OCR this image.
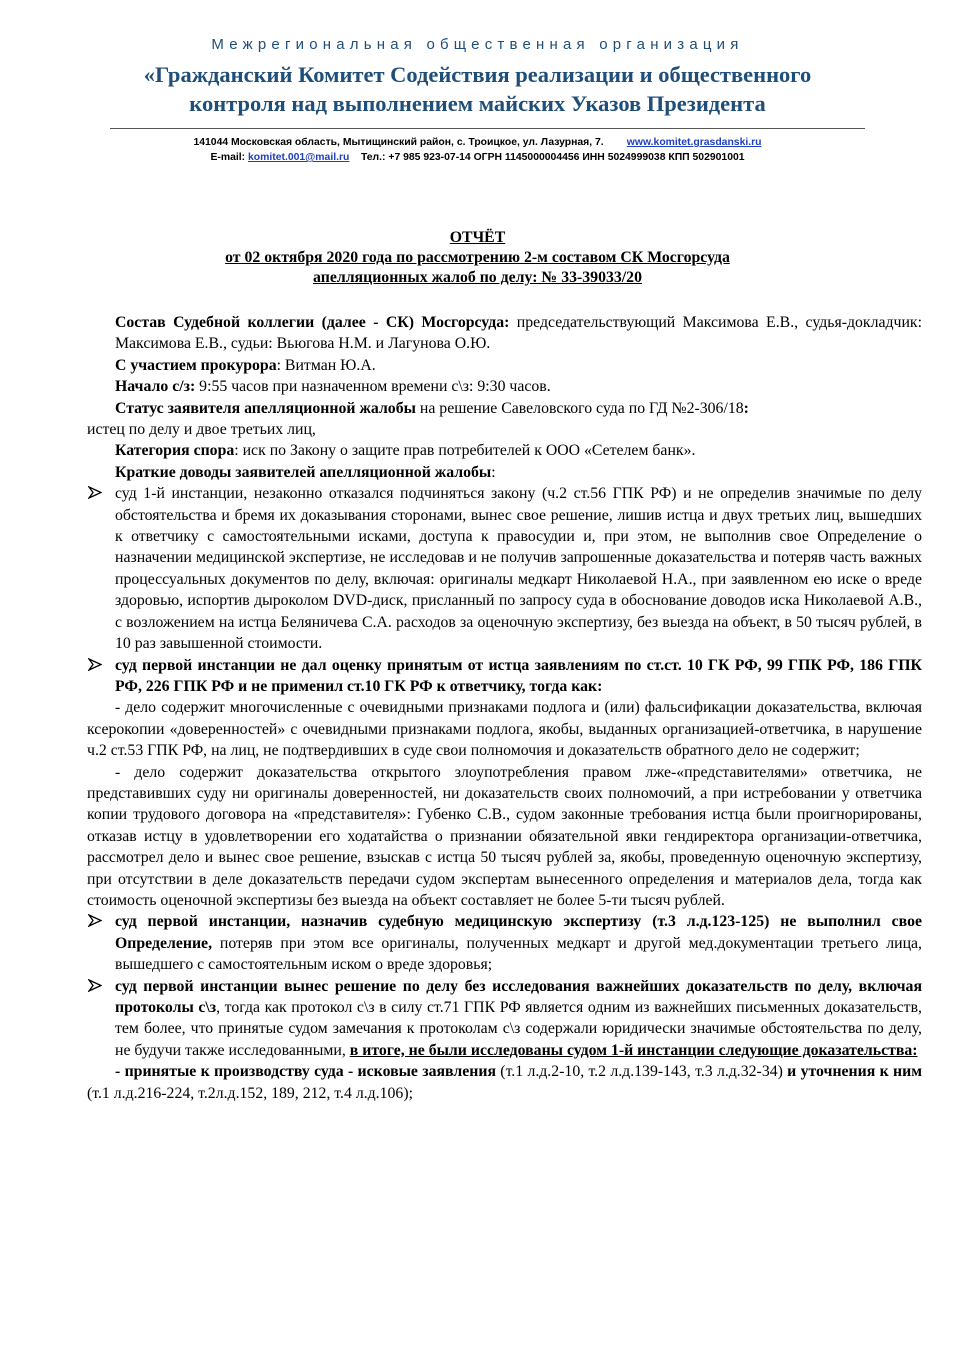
Межрегиональная общественная организация
«Гражданский Комитет Содействия реализации и общественного
контроля над выполнением майских Указов Президента
141044 Московская область, Мытищинский район, с. Троицкое, ул. Лазурная, 7. www.komitet.grasdanski.ru
E-mail: komitet.001@mail.ru Тел.: +7 985 923-07-14 ОГРН 1145000004456 ИНН 5024999038 КПП 502901001
ОТЧЁТ
от 02 октября 2020 года по рассмотрению 2-м составом СК Мосгорсуда
апелляционных жалоб по делу: № 33-39033/20

Состав Судебной коллегии (далее - СК) Мосгорсуда: председательствующий Максимова Е.В., судья-докладчик: Максимова Е.В., судьи: Вьюгова Н.М. и Лагунова О.Ю.

С участием прокурора: Витман Ю.А.

Начало с/з: 9:55 часов при назначенном времени с\з: 9:30 часов.

Статус заявителя апелляционной жалобы на решение Савеловского суда по ГД №2-306/18:

истец по делу и двое третьих лиц,

Категория спора: иск по Закону о защите прав потребителей к ООО «Сетелем банк».

Краткие доводы заявителей апелляционной жалобы:

суд 1-й инстанции, незаконно отказался подчиняться закону (ч.2 ст.56 ГПК РФ) и не определив значимые по делу обстоятельства и бремя их доказывания сторонами, вынес свое решение, лишив истца и двух третьих лиц, вышедших к ответчику с самостоятельными исками, доступа к правосудии и, при этом, не выполнив свое Определение о назначении медицинской экспертизе, не исследовав и не получив запрошенные доказательства и потеряв часть важных процессуальных документов по делу, включая: оригиналы медкарт Николаевой Н.А., при заявленном ею иске о вреде здоровью, испортив дыроколом DVD-диск, присланный по запросу суда в обоснование доводов иска Николаевой А.В., с возложением на истца Беляничева С.А. расходов за оценочную экспертизу, без выезда на объект, в 50 тысяч рублей, в 10 раз завышенной стоимости.

суд первой инстанции не дал оценку принятым от истца заявлениям по ст.ст. 10 ГК РФ, 99 ГПК РФ, 186 ГПК РФ, 226 ГПК РФ и не применил ст.10 ГК РФ к ответчику, тогда как:

- дело содержит многочисленные с очевидными признаками подлога и (или) фальсификации доказательства, включая ксерокопии «доверенностей» с очевидными признаками подлога, якобы, выданных организацией-ответчика, в нарушение ч.2 ст.53 ГПК РФ, на лиц, не подтвердивших в суде свои полномочия и доказательств обратного дело не содержит;

- дело содержит доказательства открытого злоупотребления правом лже-«представителями» ответчика, не представивших суду ни оригиналы доверенностей, ни доказательств своих полномочий, а при истребовании у ответчика копии трудового договора на «представителя»: Губенко С.В., судом законные требования истца были проигнорированы, отказав истцу в удовлетворении его ходатайства о признании обязательной явки гендиректора организации-ответчика, рассмотрел дело и вынес свое решение, взыскав с истца 50 тысяч рублей за, якобы, проведенную оценочную экспертизу, при отсутствии в деле доказательств передачи судом экспертам вынесенного определения и материалов дела, тогда как стоимость оценочной экспертизы без выезда на объект составляет не более 5-ти тысяч рублей.

суд первой инстанции, назначив судебную медицинскую экспертизу (т.3 л.д.123-125) не выполнил свое Определение, потеряв при этом все оригиналы, полученных медкарт и другой мед.документации третьего лица, вышедшего с самостоятельным иском о вреде здоровья;

суд первой инстанции вынес решение по делу без исследования важнейших доказательств по делу, включая протоколы с\з, тогда как протокол с\з в силу ст.71 ГПК РФ является одним из важнейших письменных доказательств, тем более, что принятые судом замечания к протоколам с\з содержали юридически значимые обстоятельства по делу, не будучи также исследованными, в итоге, не были исследованы судом 1-й инстанции следующие доказательства:

- принятые к производству суда - исковые заявления (т.1 л.д.2-10, т.2 л.д.139-143, т.3 л.д.32-34) и уточнения к ним (т.1 л.д.216-224, т.2л.д.152, 189, 212, т.4 л.д.106);
